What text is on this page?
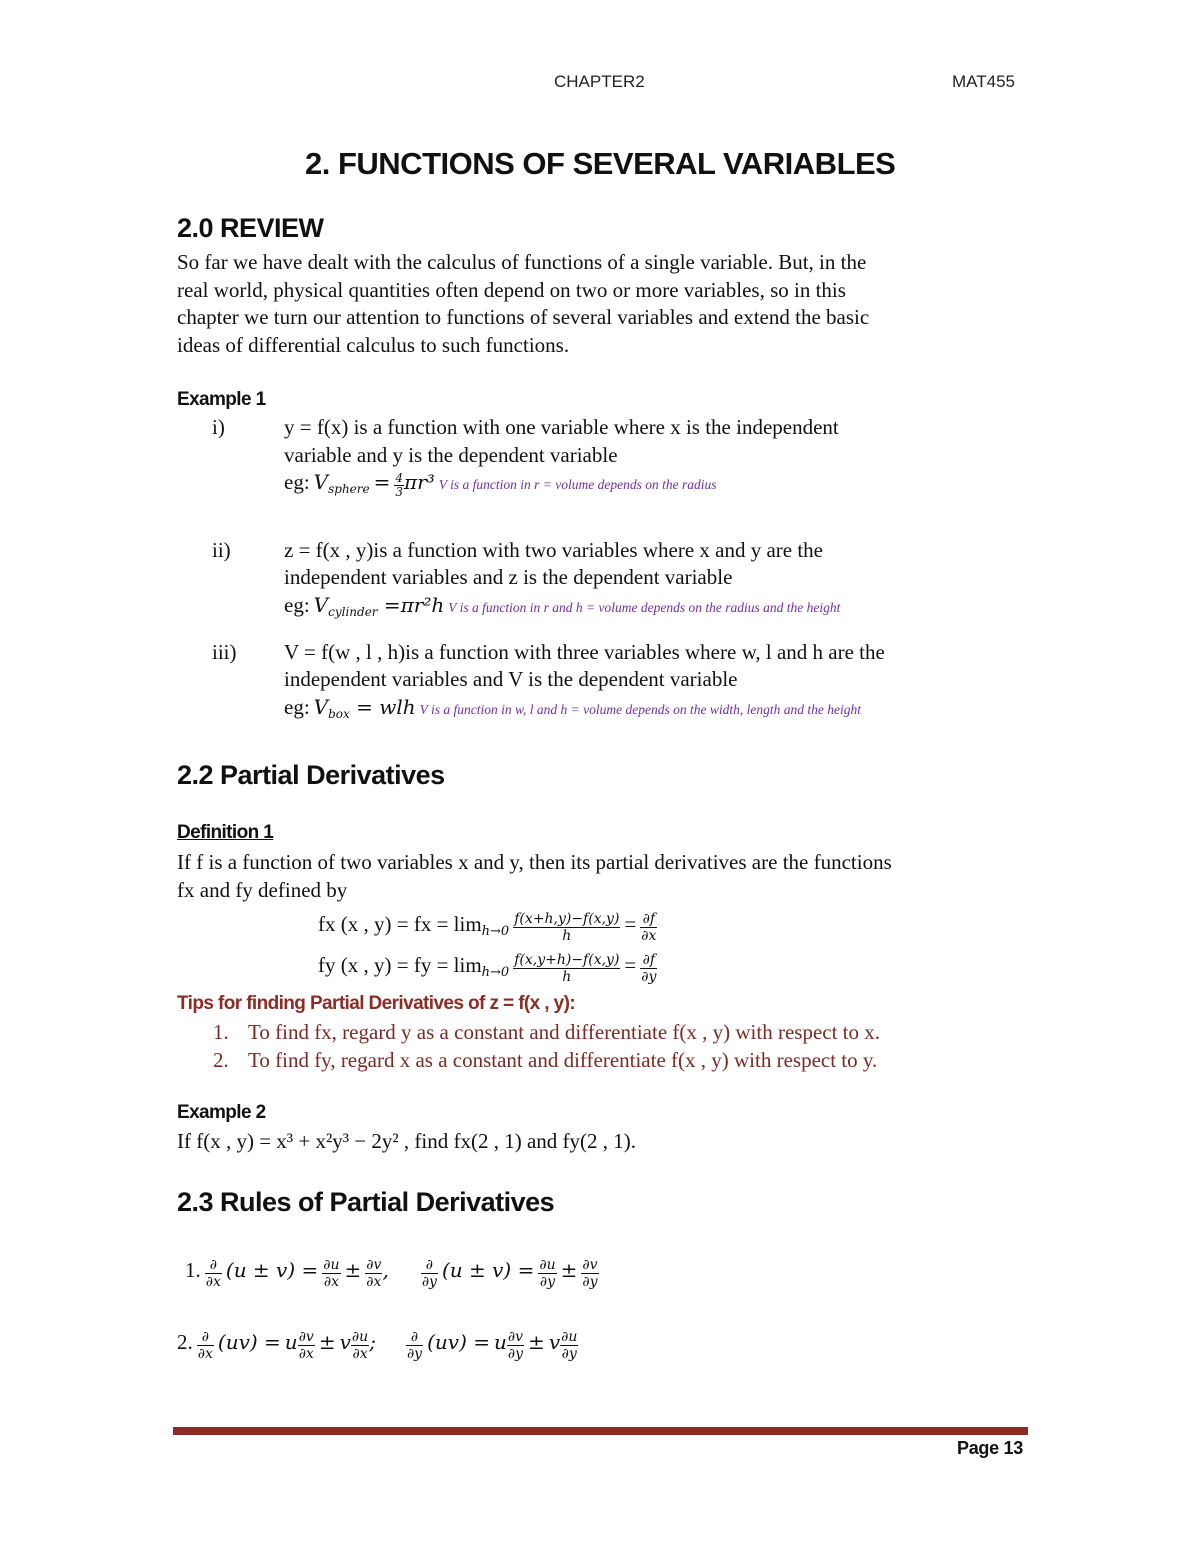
CHAPTER2	MAT455
2. FUNCTIONS OF SEVERAL VARIABLES
2.0 REVIEW
So far we have dealt with the calculus of functions of a single variable. But, in the
real world, physical quantities often depend on two or more variables, so in this
chapter we turn our attention to functions of several variables and extend the basic
ideas of differential calculus to such functions.
Example 1
i)	y = f(x) is a function with one variable where x is the independent
variable and y is the dependent variable
eg: $V_{sphere} = \frac{4}{3} \pi r^3$ V is a function in r = volume depends on the radius
ii)	z = f(x , y)is a function with two variables where x and y are the
independent variables and z is the dependent variable
eg: $V_{cylinder} =\pi r^2h$ V is a function in r and h = volume depends on the radius and the height
iii) V = f(w , l , h)is a function with three variables where w, l and h are the
independent variables and V is the dependent variable
eg: $V_{box}$ = wlh V is a function in w, l and h = volume depends on the width, length and the height
2.2 Partial Derivatives
Definition 1
If f is a function of two variables x and y, then its partial derivatives are the functions
fx and fy defined by
fx (x , y) = fx = $\lim_{h\to 0} \frac{f(x+h,y)-f(x,y)}{h} = \frac{\partial f}{\partial x}$
fy (x , y) = fy = $\lim_{h\to 0} \frac{f(x,y+h)-f(x,y)}{h} = \frac{\partial f}{\partial y}$
Tips for finding Partial Derivatives of z = f(x , y):
1. To find fx, regard y as a constant and differentiate f(x , y) with respect to x.
2. To find fy, regard x as a constant and differentiate f(x , y) with respect to y.
Example 2
If f(x , y) = x³ + x²y³ − 2y² , find fx(2 , 1) and fy(2 , 1).
2.3 Rules of Partial Derivatives
1. $\frac{\partial}{\partial x} (u \pm v) = \frac{\partial u}{\partial x} \pm \frac{\partial v}{\partial x}$ , $\frac{\partial}{\partial y} (u \pm v) = \frac{\partial u}{\partial y} \pm \frac{\partial v}{\partial y}$
2. $\frac{\partial}{\partial x} (uv) = u \frac{\partial v}{\partial x} \pm v \frac{\partial u}{\partial x}$ ; $\frac{\partial}{\partial y} (uv) = u \frac{\partial v}{\partial y} \pm v \frac{\partial u}{\partial y}$
Page 13
